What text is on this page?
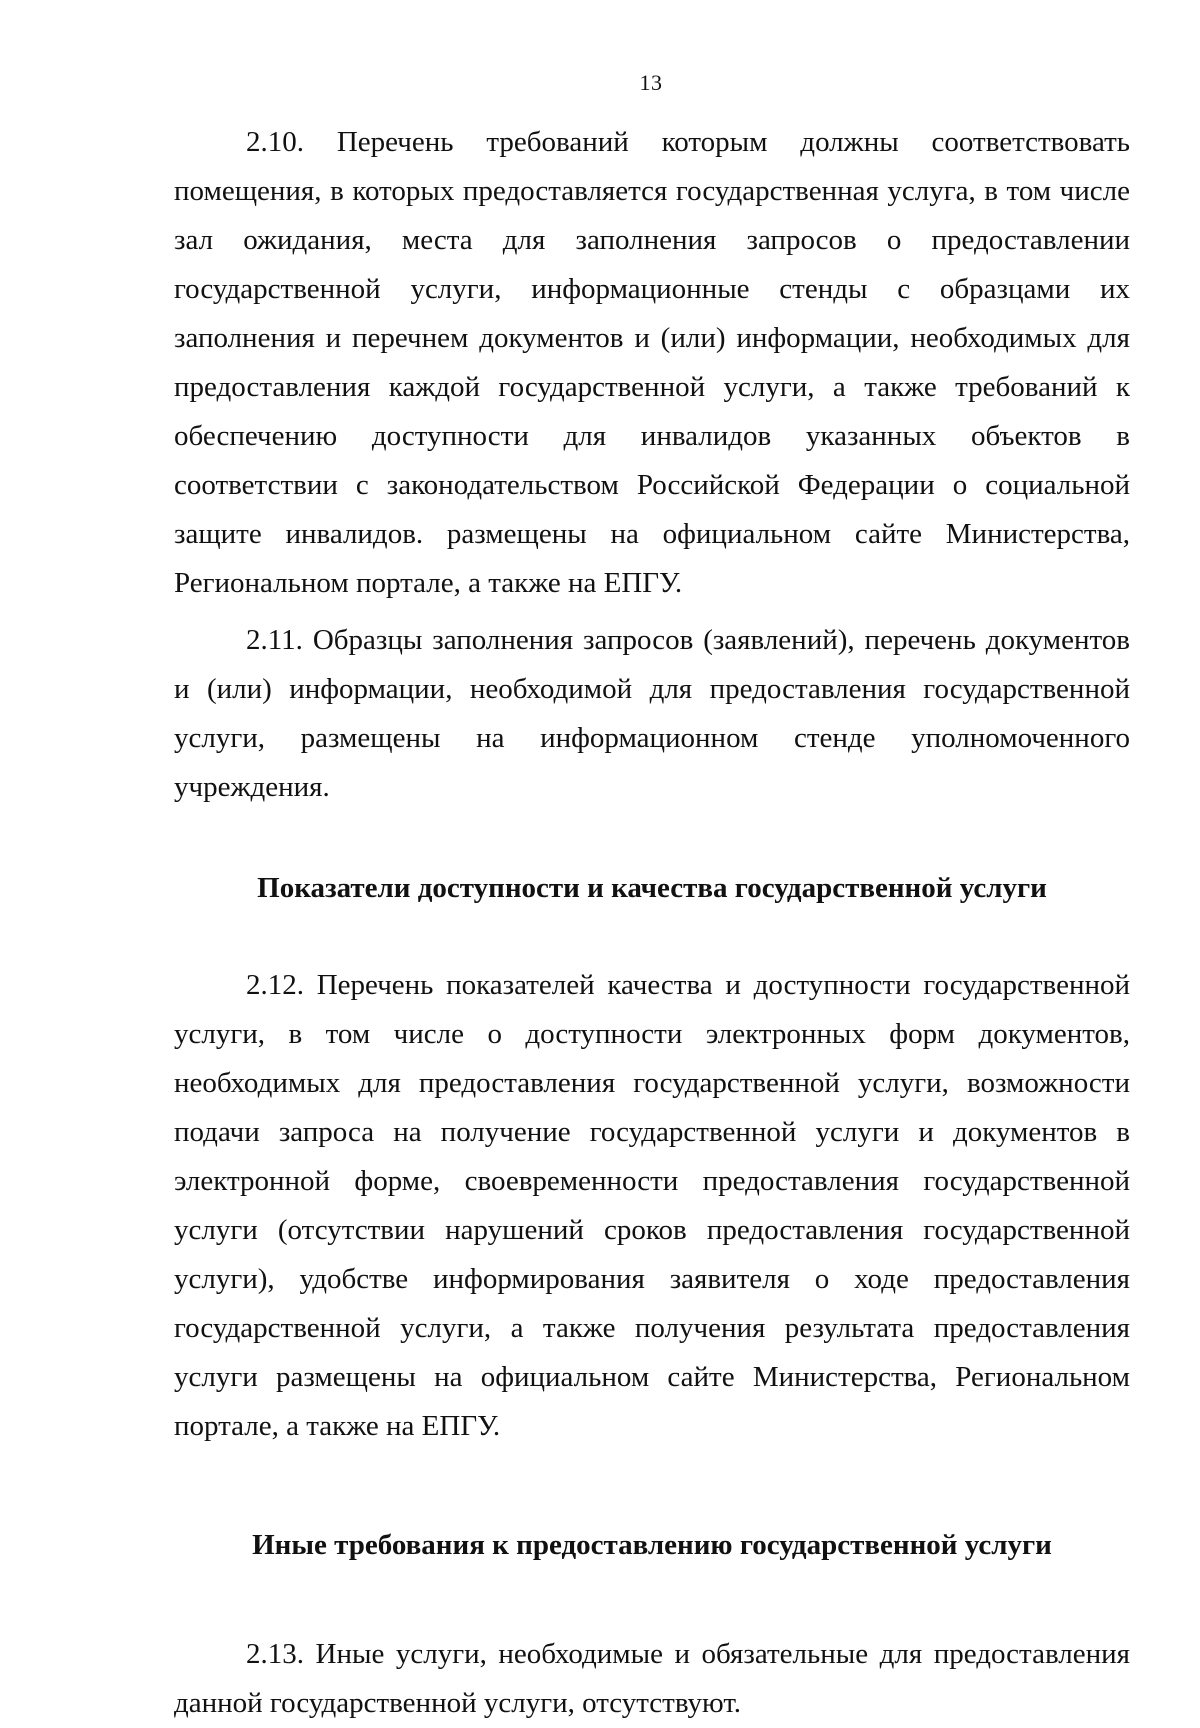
13

2.10. Перечень требований которым должны соответствовать помещения, в которых предоставляется государственная услуга, в том числе зал ожидания, места для заполнения запросов о предоставлении государственной услуги, информационные стенды с образцами их заполнения и перечнем документов и (или) информации, необходимых для предоставления каждой государственной услуги, а также требований к обеспечению доступности для инвалидов указанных объектов в соответствии с законодательством Российской Федерации о социальной защите инвалидов. размещены на официальном сайте Министерства, Региональном портале, а также на ЕПГУ.

2.11. Образцы заполнения запросов (заявлений), перечень документов и (или) информации, необходимой для предоставления государственной услуги, размещены на информационном стенде уполномоченного учреждения.

Показатели доступности и качества государственной услуги

2.12. Перечень показателей качества и доступности государственной услуги, в том числе о доступности электронных форм документов, необходимых для предоставления государственной услуги, возможности подачи запроса на получение государственной услуги и документов в электронной форме, своевременности предоставления государственной услуги (отсутствии нарушений сроков предоставления государственной услуги), удобстве информирования заявителя о ходе предоставления государственной услуги, а также получения результата предоставления услуги размещены на официальном сайте Министерства, Региональном портале, а также на ЕПГУ.

Иные требования к предоставлению государственной услуги

2.13. Иные услуги, необходимые и обязательные для предоставления данной государственной услуги, отсутствуют.
